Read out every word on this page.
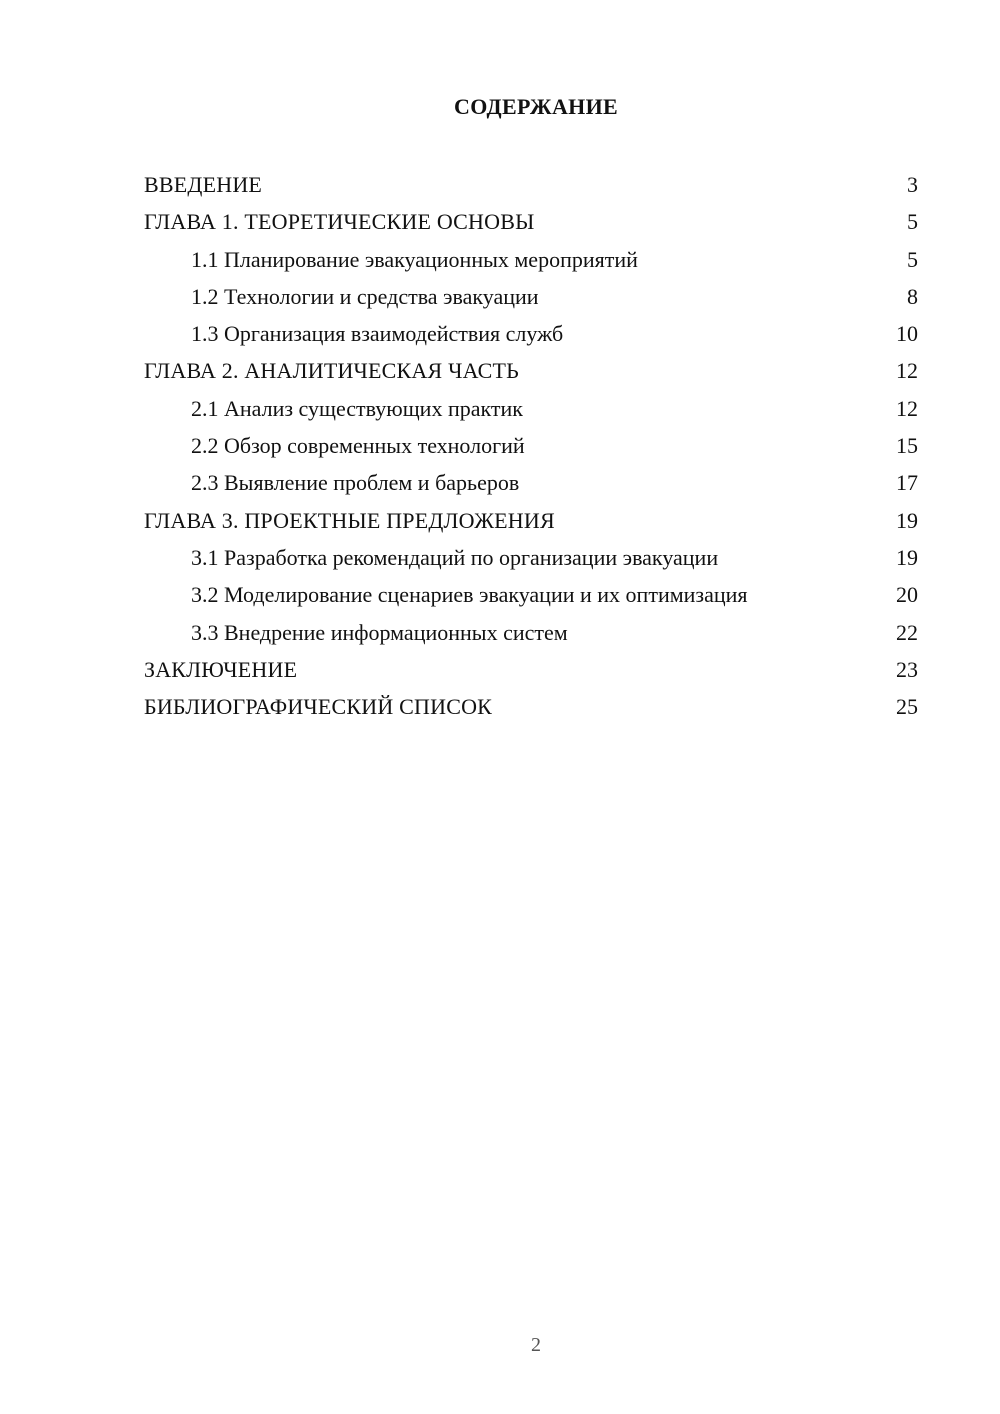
СОДЕРЖАНИЕ
ВВЕДЕНИЕ	3
ГЛАВА 1. ТЕОРЕТИЧЕСКИЕ ОСНОВЫ	5
1.1 Планирование эвакуационных мероприятий	5
1.2 Технологии и средства эвакуации	8
1.3 Организация взаимодействия служб	10
ГЛАВА 2. АНАЛИТИЧЕСКАЯ ЧАСТЬ	12
2.1 Анализ существующих практик	12
2.2 Обзор современных технологий	15
2.3 Выявление проблем и барьеров	17
ГЛАВА 3. ПРОЕКТНЫЕ ПРЕДЛОЖЕНИЯ	19
3.1 Разработка рекомендаций по организации эвакуации	19
3.2 Моделирование сценариев эвакуации и их оптимизация	20
3.3 Внедрение информационных систем	22
ЗАКЛЮЧЕНИЕ	23
БИБЛИОГРАФИЧЕСКИЙ СПИСОК	25
2
